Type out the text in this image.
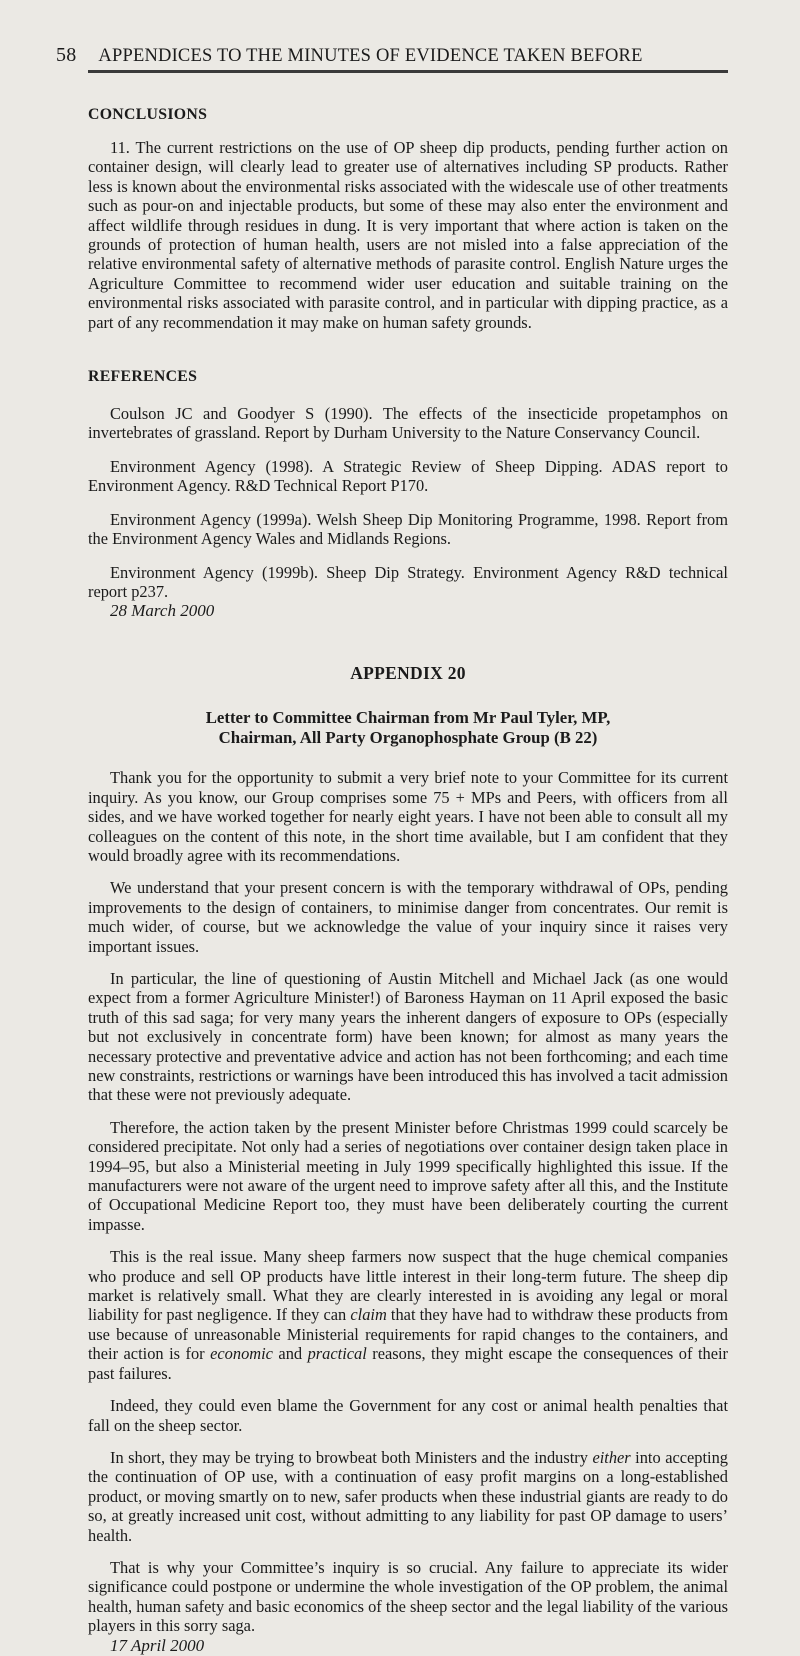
58 APPENDICES TO THE MINUTES OF EVIDENCE TAKEN BEFORE
CONCLUSIONS

11. The current restrictions on the use of OP sheep dip products, pending further action on container design, will clearly lead to greater use of alternatives including SP products. Rather less is known about the environmental risks associated with the widescale use of other treatments such as pour-on and injectable products, but some of these may also enter the environment and affect wildlife through residues in dung. It is very important that where action is taken on the grounds of protection of human health, users are not misled into a false appreciation of the relative environmental safety of alternative methods of parasite control. English Nature urges the Agriculture Committee to recommend wider user education and suitable training on the environmental risks associated with parasite control, and in particular with dipping practice, as a part of any recommendation it may make on human safety grounds.

REFERENCES

Coulson JC and Goodyer S (1990). The effects of the insecticide propetamphos on invertebrates of grassland. Report by Durham University to the Nature Conservancy Council.

Environment Agency (1998). A Strategic Review of Sheep Dipping. ADAS report to Environment Agency. R&D Technical Report P170.

Environment Agency (1999a). Welsh Sheep Dip Monitoring Programme, 1998. Report from the Environment Agency Wales and Midlands Regions.

Environment Agency (1999b). Sheep Dip Strategy. Environment Agency R&D technical report p237.

28 March 2000

APPENDIX 20
Letter to Committee Chairman from Mr Paul Tyler, MP,
Chairman, All Party Organophosphate Group (B 22)

Thank you for the opportunity to submit a very brief note to your Committee for its current inquiry. As you know, our Group comprises some 75 + MPs and Peers, with officers from all sides, and we have worked together for nearly eight years. I have not been able to consult all my colleagues on the content of this note, in the short time available, but I am confident that they would broadly agree with its recommendations.

We understand that your present concern is with the temporary withdrawal of OPs, pending improvements to the design of containers, to minimise danger from concentrates. Our remit is much wider, of course, but we acknowledge the value of your inquiry since it raises very important issues.

In particular, the line of questioning of Austin Mitchell and Michael Jack (as one would expect from a former Agriculture Minister!) of Baroness Hayman on 11 April exposed the basic truth of this sad saga; for very many years the inherent dangers of exposure to OPs (especially but not exclusively in concentrate form) have been known; for almost as many years the necessary protective and preventative advice and action has not been forthcoming; and each time new constraints, restrictions or warnings have been introduced this has involved a tacit admission that these were not previously adequate.

Therefore, the action taken by the present Minister before Christmas 1999 could scarcely be considered precipitate. Not only had a series of negotiations over container design taken place in 1994–95, but also a Ministerial meeting in July 1999 specifically highlighted this issue. If the manufacturers were not aware of the urgent need to improve safety after all this, and the Institute of Occupational Medicine Report too, they must have been deliberately courting the current impasse.

This is the real issue. Many sheep farmers now suspect that the huge chemical companies who produce and sell OP products have little interest in their long-term future. The sheep dip market is relatively small. What they are clearly interested in is avoiding any legal or moral liability for past negligence. If they can claim that they have had to withdraw these products from use because of unreasonable Ministerial requirements for rapid changes to the containers, and their action is for economic and practical reasons, they might escape the consequences of their past failures.

Indeed, they could even blame the Government for any cost or animal health penalties that fall on the sheep sector.

In short, they may be trying to browbeat both Ministers and the industry either into accepting the continuation of OP use, with a continuation of easy profit margins on a long-established product, or moving smartly on to new, safer products when these industrial giants are ready to do so, at greatly increased unit cost, without admitting to any liability for past OP damage to users’ health.

That is why your Committee’s inquiry is so crucial. Any failure to appreciate its wider significance could postpone or undermine the whole investigation of the OP problem, the animal health, human safety and basic economics of the sheep sector and the legal liability of the various players in this sorry saga.

17 April 2000
